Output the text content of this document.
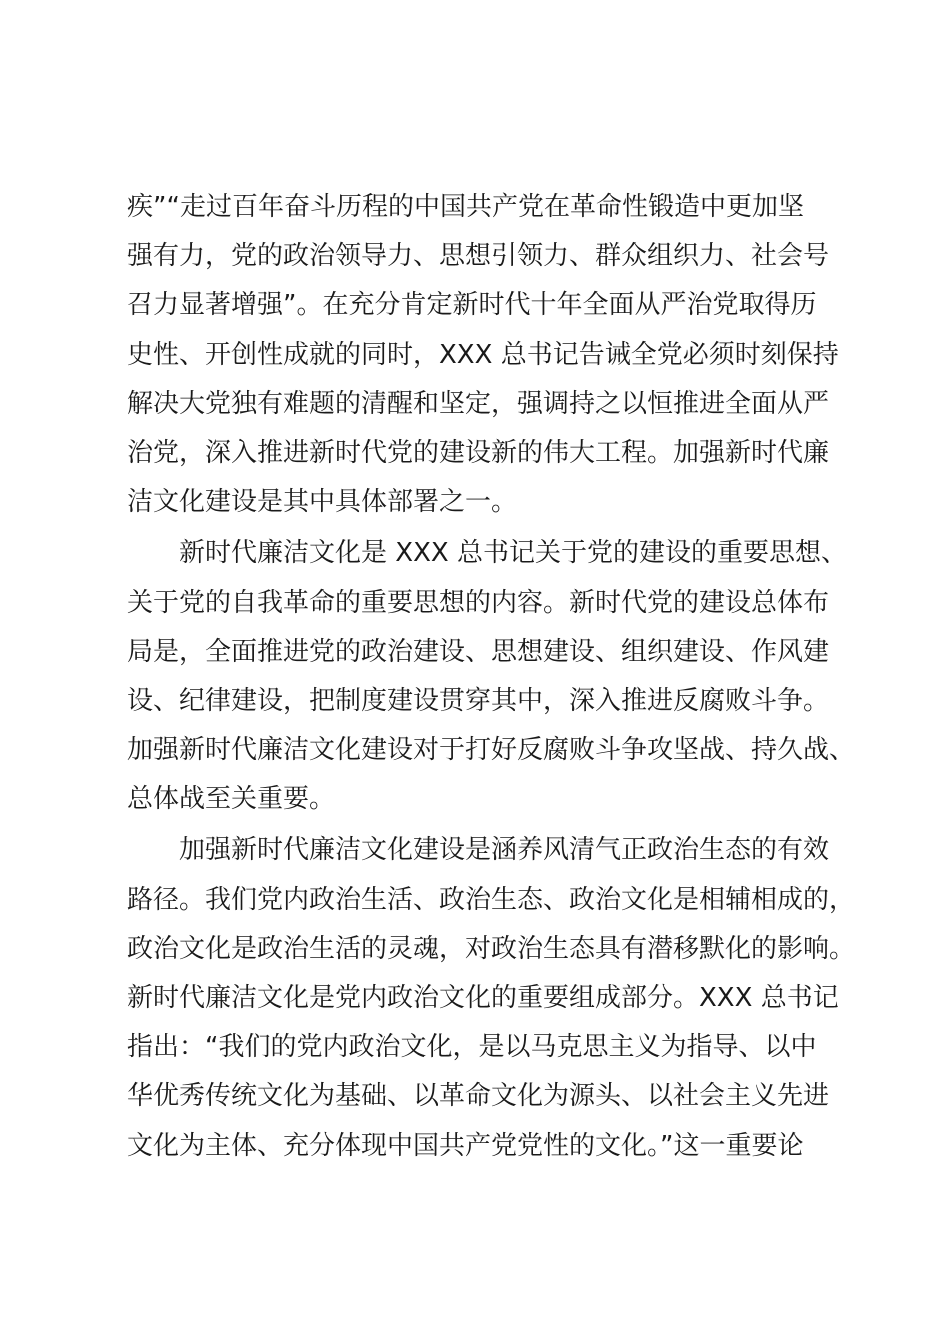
疾”“走过百年奋斗历程的中国共产党在革命性锻造中更加坚
强有力，党的政治领导力、思想引领力、群众组织力、社会号
召力显著增强”。在充分肯定新时代十年全面从严治党取得历
史性、开创性成就的同时，XXX 总书记告诫全党必须时刻保持
解决大党独有难题的清醒和坚定，强调持之以恒推进全面从严
治党，深入推进新时代党的建设新的伟大工程。加强新时代廉
洁文化建设是其中具体部署之一。
新时代廉洁文化是 XXX 总书记关于党的建设的重要思想、
关于党的自我革命的重要思想的内容。新时代党的建设总体布
局是，全面推进党的政治建设、思想建设、组织建设、作风建
设、纪律建设，把制度建设贯穿其中，深入推进反腐败斗争。
加强新时代廉洁文化建设对于打好反腐败斗争攻坚战、持久战、
总体战至关重要。
加强新时代廉洁文化建设是涵养风清气正政治生态的有效
路径。我们党内政治生活、政治生态、政治文化是相辅相成的，
政治文化是政治生活的灵魂，对政治生态具有潜移默化的影响。
新时代廉洁文化是党内政治文化的重要组成部分。XXX 总书记
指出：“我们的党内政治文化，是以马克思主义为指导、以中
华优秀传统文化为基础、以革命文化为源头、以社会主义先进
文化为主体、充分体现中国共产党党性的文化。”这一重要论
